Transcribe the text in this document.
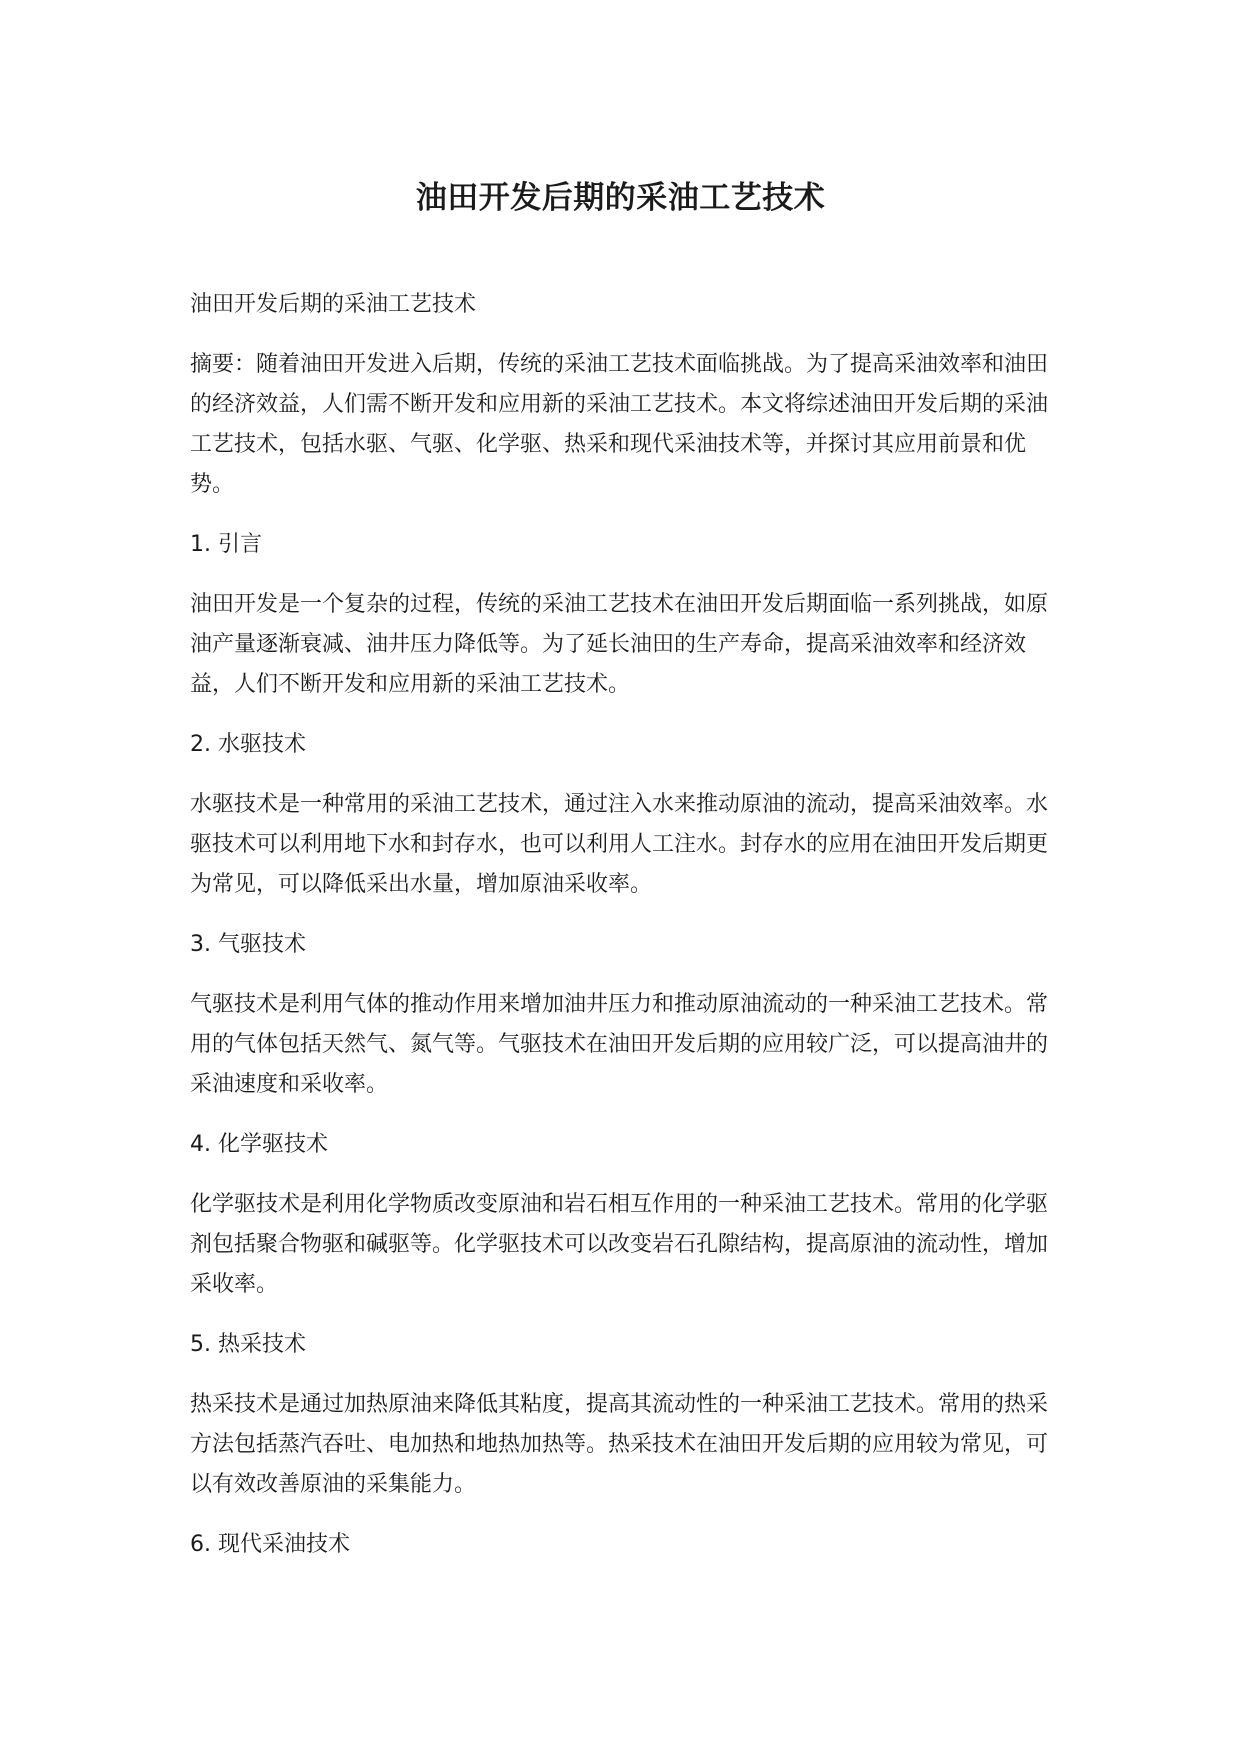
油田开发后期的采油工艺技术

油田开发后期的采油工艺技术

摘要：随着油田开发进入后期，传统的采油工艺技术面临挑战。为了提高采油效率和油田的经济效益，人们需不断开发和应用新的采油工艺技术。本文将综述油田开发后期的采油工艺技术，包括水驱、气驱、化学驱、热采和现代采油技术等，并探讨其应用前景和优势。

1. 引言

油田开发是一个复杂的过程，传统的采油工艺技术在油田开发后期面临一系列挑战，如原油产量逐渐衰减、油井压力降低等。为了延长油田的生产寿命，提高采油效率和经济效益，人们不断开发和应用新的采油工艺技术。

2. 水驱技术

水驱技术是一种常用的采油工艺技术，通过注入水来推动原油的流动，提高采油效率。水驱技术可以利用地下水和封存水，也可以利用人工注水。封存水的应用在油田开发后期更为常见，可以降低采出水量，增加原油采收率。

3. 气驱技术

气驱技术是利用气体的推动作用来增加油井压力和推动原油流动的一种采油工艺技术。常用的气体包括天然气、氮气等。气驱技术在油田开发后期的应用较广泛，可以提高油井的采油速度和采收率。

4. 化学驱技术

化学驱技术是利用化学物质改变原油和岩石相互作用的一种采油工艺技术。常用的化学驱剂包括聚合物驱和碱驱等。化学驱技术可以改变岩石孔隙结构，提高原油的流动性，增加采收率。

5. 热采技术

热采技术是通过加热原油来降低其粘度，提高其流动性的一种采油工艺技术。常用的热采方法包括蒸汽吞吐、电加热和地热加热等。热采技术在油田开发后期的应用较为常见，可以有效改善原油的采集能力。

6. 现代采油技术
